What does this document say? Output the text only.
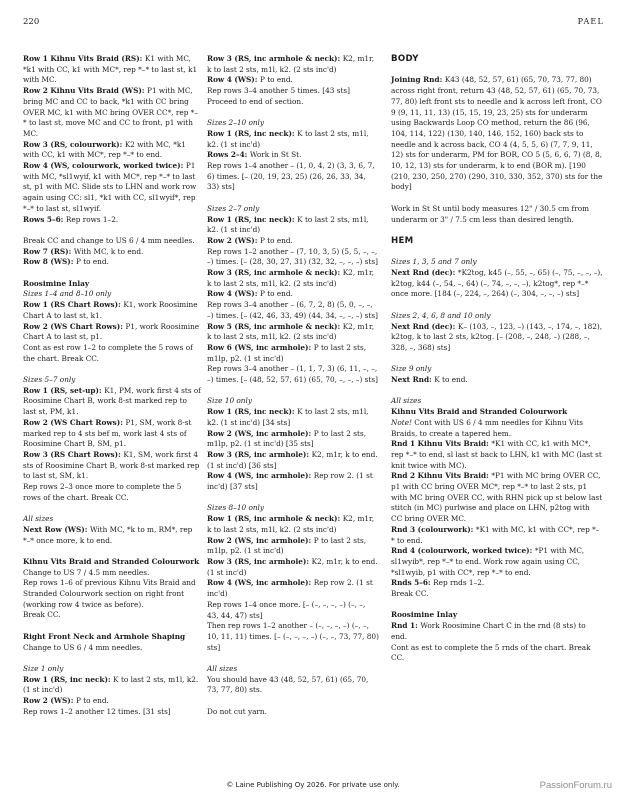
220	PAEL

Row 1 Kihnu Vits Braid (RS): K1 with MC, *k1 with CC, k1 with MC*, rep *–* to last st, k1 with MC.

Row 2 Kihnu Vits Braid (WS): P1 with MC, bring MC and CC to back, *k1 with CC bring OVER MC, k1 with MC bring OVER CC*, rep *–* to last st, move MC and CC to front, p1 with MC.

Row 3 (RS, colourwork): K2 with MC, *k1 with CC, k1 with MC*, rep *–* to end.

Row 4 (WS, colourwork, worked twice): P1 with MC, *sl1wyif, k1 with MC*, rep *–* to last st, p1 with MC. Slide sts to LHN and work row again using CC: sl1, *k1 with CC, sl1wyif*, rep *–* to last st, sl1wyif.

Rows 5–6: Rep rows 1–2.

Break CC and change to US 6 / 4 mm needles.

Row 7 (RS): With MC, k to end.

Row 8 (WS): P to end.

Roosimine Inlay

Sizes 1–4 and 8–10 only

Row 1 (RS Chart Rows): K1, work Roosimine Chart A to last st, k1.

Row 2 (WS Chart Rows): P1, work Roosimine Chart A to last st, p1.

Cont as est row 1–2 to complete the 5 rows of the chart. Break CC.

Sizes 5–7 only

Row 1 (RS, set-up): K1, PM, work first 4 sts of Roosimine Chart B, work 8-st marked rep to last st, PM, k1.

Row 2 (WS Chart Rows): P1, SM, work 8-st marked rep to 4 sts bef m, work last 4 sts of Roosimine Chart B, SM, p1.

Row 3 (RS Chart Rows): K1, SM, work first 4 sts of Roosimine Chart B, work 8-st marked rep to last st, SM, k1.

Rep rows 2–3 once more to complete the 5 rows of the chart. Break CC.

All sizes

Next Row (WS): With MC, *k to m, RM*, rep *–* once more, k to end.

Kihnu Vits Braid and Stranded Colourwork

Change to US 7 / 4.5 mm needles.

Rep rows 1–6 of previous Kihnu Vits Braid and Stranded Colourwork section on right front (working row 4 twice as before).

Break CC.

Right Front Neck and Armhole Shaping

Change to US 6 / 4 mm needles.

Size 1 only

Row 1 (RS, inc neck): K to last 2 sts, m1l, k2. (1 st inc'd)

Row 2 (WS): P to end.

Rep rows 1–2 another 12 times. [31 sts]

Row 3 (RS, inc armhole & neck): K2, m1r, k to last 2 sts, m1l, k2. (2 sts inc'd)

Row 4 (WS): P to end.

Rep rows 3–4 another 5 times. [43 sts]

Proceed to end of section.

Sizes 2–10 only

Row 1 (RS, inc neck): K to last 2 sts, m1l, k2. (1 st inc'd)

Rows 2–4: Work in St St.

Rep rows 1–4 another – (1, 0, 4, 2) (3, 3, 6, 7, 6) times. [– (20, 19, 23, 25) (26, 26, 33, 34, 33) sts]

Sizes 2–7 only

Row 1 (RS, inc neck): K to last 2 sts, m1l, k2. (1 st inc'd)

Row 2 (WS): P to end.

Rep rows 1–2 another – (7, 10, 3, 5) (5, 5, –, –, –) times. [– (28, 30, 27, 31) (32, 32, –, –, –) sts]

Row 3 (RS, inc armhole & neck): K2, m1r, k to last 2 sts, m1l, k2. (2 sts inc'd)

Row 4 (WS): P to end.

Rep rows 3–4 another – (6, 7, 2, 8) (5, 0, –, –, –) times. [– (42, 46, 33, 49) (44, 34, –, –, –) sts]

Row 5 (RS, inc armhole & neck): K2, m1r, k to last 2 sts, m1l, k2. (2 sts inc'd)

Row 6 (WS, inc armhole): P to last 2 sts, m1lp, p2. (1 st inc'd)

Rep rows 3–4 another – (1, 1, 7, 3) (6, 11, –, –, –) times. [– (48, 52, 57, 61) (65, 70, –, –, –) sts]

Size 10 only

Row 1 (RS, inc neck): K to last 2 sts, m1l, k2. (1 st inc'd) [34 sts]

Row 2 (WS, inc armhole): P to last 2 sts, m1lp, p2. (1 st inc'd) [35 sts]

Row 3 (RS, inc armhole): K2, m1r, k to end. (1 st inc'd) [36 sts]

Row 4 (WS, inc armhole): Rep row 2. (1 st inc'd) [37 sts]

Sizes 8–10 only

Row 1 (RS, inc armhole & neck): K2, m1r, k to last 2 sts, m1l, k2. (2 sts inc'd)

Row 2 (WS, inc armhole): P to last 2 sts, m1lp, p2. (1 st inc'd)

Row 3 (RS, inc armhole): K2, m1r, k to end. (1 st inc'd)

Row 4 (WS, inc armhole): Rep row 2. (1 st inc'd)

Rep rows 1–4 once more. [– (–, –, –, –) (–, –, 43, 44, 47) sts]

Then rep rows 1–2 another – (–, –, –, –) (–, –, 10, 11, 11) times. [– (–, –, –, –) (–, –, 73, 77, 80) sts]

All sizes

You should have 43 (48, 52, 57, 61) (65, 70, 73, 77, 80) sts.

Do not cut yarn.

BODY

Joining Rnd: K43 (48, 52, 57, 61) (65, 70, 73, 77, 80) across right front, return 43 (48, 52, 57, 61) (65, 70, 73, 77, 80) left front sts to needle and k across left front, CO 9 (9, 11, 11, 13) (15, 15, 19, 23, 25) sts for underarm using Backwards Loop CO method, return the 86 (96, 104, 114, 122) (130, 140, 146, 152, 160) back sts to needle and k across back, CO 4 (4, 5, 5, 6) (7, 7, 9, 11, 12) sts for underarm, PM for BOR, CO 5 (5, 6, 6, 7) (8, 8, 10, 12, 13) sts for underarm, k to end (BOR m). [190 (210, 230, 250, 270) (290, 310, 330, 352, 370) sts for the body]

Work in St St until body measures 12" / 30.5 cm from underarm or 3" / 7.5 cm less than desired length.

HEM

Sizes 1, 3, 5 and 7 only

Next Rnd (dec): *K2tog, k45 (–, 55, –, 65) (–, 75, –, –, –), k2tog, k44 (–, 54, –, 64) (–, 74, –, –, –), k2tog*, rep *–* once more. [184 (–, 224, –, 264) (–, 304, –, –, –) sts]

Sizes 2, 4, 6, 8 and 10 only

Next Rnd (dec): K– (103, –, 123, –) (143, –, 174, –, 182), k2tog, k to last 2 sts, k2tog. [– (208, –, 248, –) (288, –, 328, –, 368) sts]

Size 9 only

Next Rnd: K to end.

All sizes

Kihnu Vits Braid and Stranded Colourwork

Note! Cont with US 6 / 4 mm needles for Kihnu Vits Braids, to create a tapered hem.

Rnd 1 Kihnu Vits Braid: *K1 with CC, k1 with MC*, rep *–* to end, sl last st back to LHN, k1 with MC (last st knit twice with MC).

Rnd 2 Kihnu Vits Braid: *P1 with MC bring OVER CC, p1 with CC bring OVER MC*, rep *–* to last 2 sts, p1 with MC bring OVER CC, with RHN pick up st below last stitch (in MC) purlwise and place on LHN, p2tog with CC bring OVER MC.

Rnd 3 (colourwork): *K1 with MC, k1 with CC*, rep *–* to end.

Rnd 4 (colourwork, worked twice): *P1 with MC, sl1wyib*, rep *–* to end. Work row again using CC, *sl1wyib, p1 with CC*, rep *–* to end.

Rnds 5–6: Rep rnds 1–2.

Break CC.

Roosimine Inlay

Rnd 1: Work Roosimine Chart C in the rnd (8 sts) to end.

Cont as est to complete the 5 rnds of the chart. Break CC.

© Laine Publishing Oy 2026. For private use only.	PassionForum.ru
